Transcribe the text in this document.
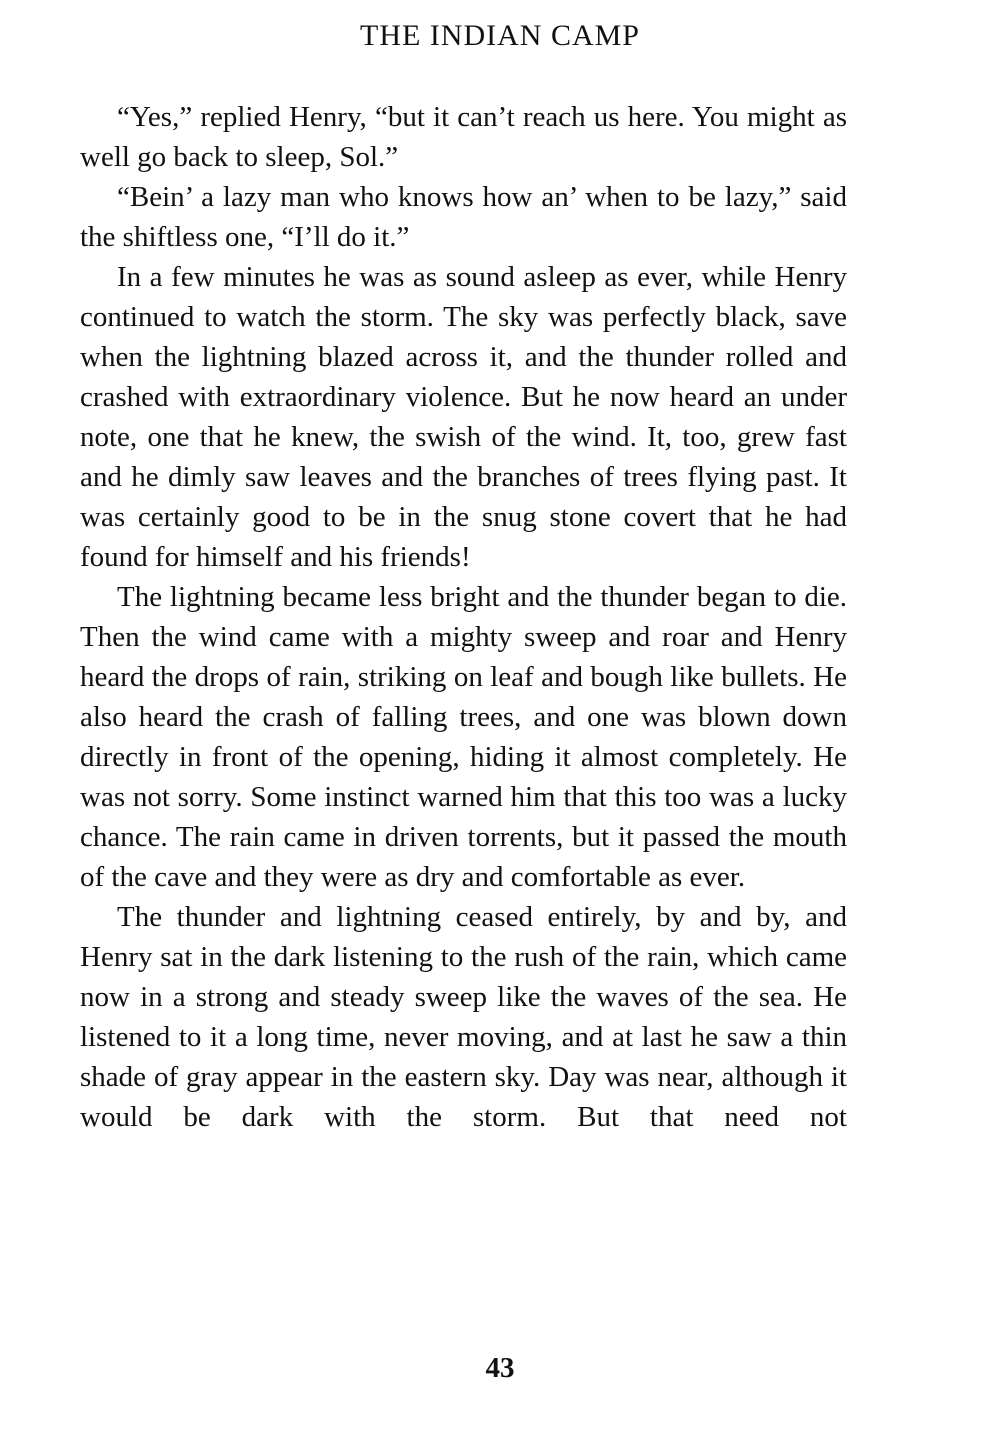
THE INDIAN CAMP

“Yes,” replied Henry, “but it can’t reach us here. You might as well go back to sleep, Sol.”

“Bein’ a lazy man who knows how an’ when to be lazy,” said the shiftless one, “I’ll do it.”

In a few minutes he was as sound asleep as ever, while Henry continued to watch the storm. The sky was perfectly black, save when the lightning blazed across it, and the thunder rolled and crashed with extraordinary violence. But he now heard an under note, one that he knew, the swish of the wind. It, too, grew fast and he dimly saw leaves and the branches of trees flying past. It was certainly good to be in the snug stone covert that he had found for himself and his friends!

The lightning became less bright and the thunder began to die. Then the wind came with a mighty sweep and roar and Henry heard the drops of rain, striking on leaf and bough like bullets. He also heard the crash of falling trees, and one was blown down directly in front of the opening, hiding it almost completely. He was not sorry. Some instinct warned him that this too was a lucky chance. The rain came in driven torrents, but it passed the mouth of the cave and they were as dry and comfortable as ever.

The thunder and lightning ceased entirely, by and by, and Henry sat in the dark listening to the rush of the rain, which came now in a strong and steady sweep like the waves of the sea. He listened to it a long time, never moving, and at last he saw a thin shade of gray appear in the eastern sky. Day was near, although it would be dark with the storm. But that need not

43
